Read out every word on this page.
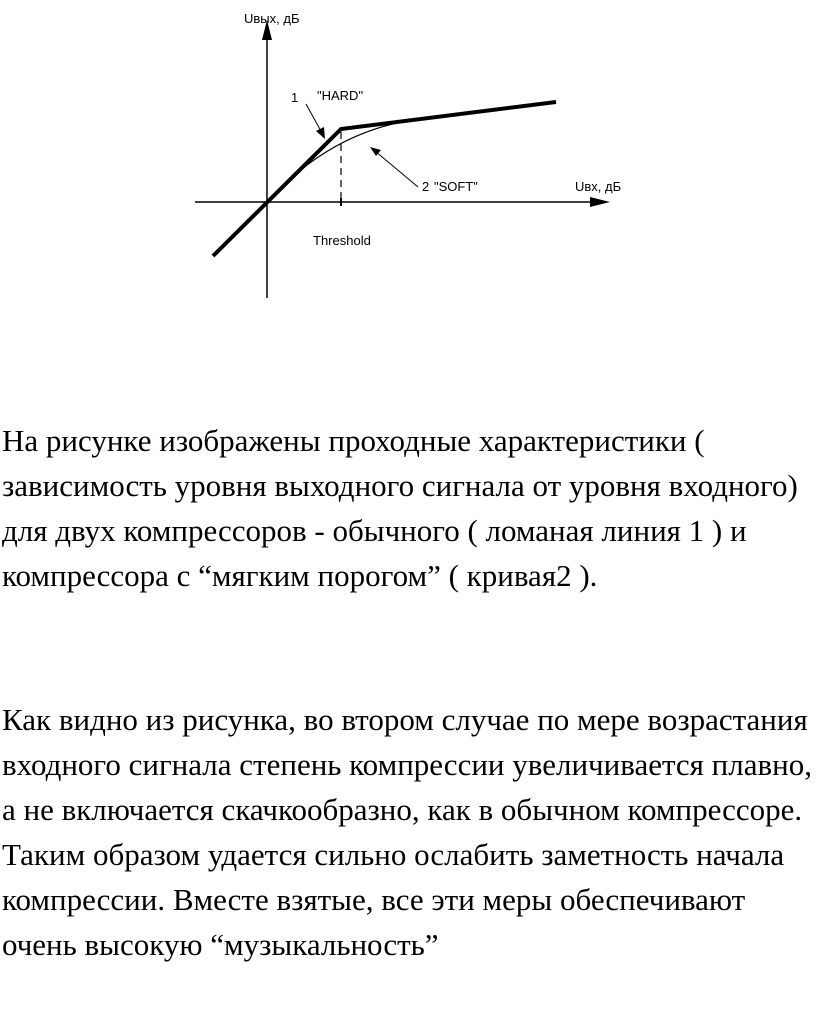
Uвых, дБ
Uвх, дБ
1 "HARD"
2 "SOFT"
Threshold

На рисунке изображены проходные характеристики ( зависимость уровня выходного сигнала от уровня входного) для двух компрессоров - обычного ( ломаная линия 1 ) и компрессора с “мягким порогом” ( кривая2 ).

Как видно из рисунка, во втором случае по мере возрастания входного сигнала степень компрессии увеличивается плавно, а не включается скачкообразно, как в обычном компрессоре. Таким образом удается сильно ослабить заметность начала компрессии. Вместе взятые, все эти меры обеспечивают очень высокую “музыкальность”
